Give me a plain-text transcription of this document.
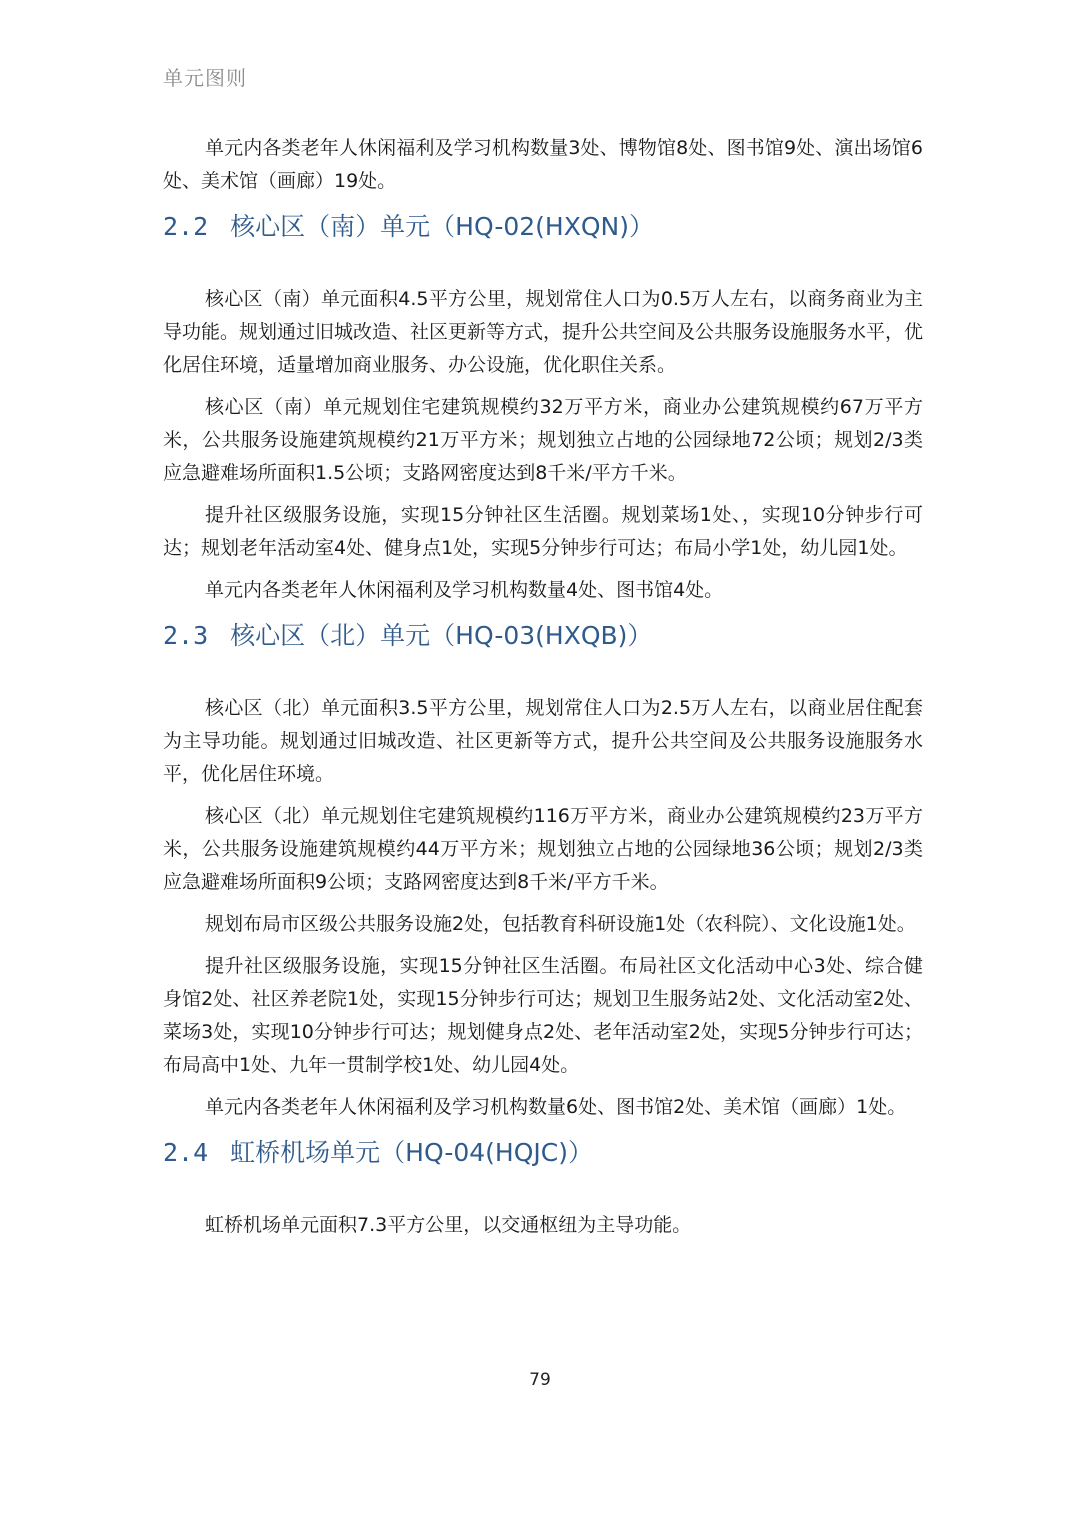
单元图则

单元内各类老年人休闲福利及学习机构数量3处、博物馆8处、图书馆9处、演出场馆6处、美术馆（画廊）19处。

2.2 核心区（南）单元（HQ-02(HXQN)）

核心区（南）单元面积4.5平方公里，规划常住人口为0.5万人左右，以商务商业为主导功能。规划通过旧城改造、社区更新等方式，提升公共空间及公共服务设施服务水平，优化居住环境，适量增加商业服务、办公设施，优化职住关系。

核心区（南）单元规划住宅建筑规模约32万平方米，商业办公建筑规模约67万平方米，公共服务设施建筑规模约21万平方米；规划独立占地的公园绿地72公顷；规划2/3类应急避难场所面积1.5公顷；支路网密度达到8千米/平方千米。

提升社区级服务设施，实现15分钟社区生活圈。规划菜场1处、，实现10分钟步行可达；规划老年活动室4处、健身点1处，实现5分钟步行可达；布局小学1处，幼儿园1处。

单元内各类老年人休闲福利及学习机构数量4处、图书馆4处。

2.3 核心区（北）单元（HQ-03(HXQB)）

核心区（北）单元面积3.5平方公里，规划常住人口为2.5万人左右，以商业居住配套为主导功能。规划通过旧城改造、社区更新等方式，提升公共空间及公共服务设施服务水平，优化居住环境。

核心区（北）单元规划住宅建筑规模约116万平方米，商业办公建筑规模约23万平方米，公共服务设施建筑规模约44万平方米；规划独立占地的公园绿地36公顷；规划2/3类应急避难场所面积9公顷；支路网密度达到8千米/平方千米。

规划布局市区级公共服务设施2处，包括教育科研设施1处（农科院）、文化设施1处。

提升社区级服务设施，实现15分钟社区生活圈。布局社区文化活动中心3处、综合健身馆2处、社区养老院1处，实现15分钟步行可达；规划卫生服务站2处、文化活动室2处、菜场3处，实现10分钟步行可达；规划健身点2处、老年活动室2处，实现5分钟步行可达；布局高中1处、九年一贯制学校1处、幼儿园4处。

单元内各类老年人休闲福利及学习机构数量6处、图书馆2处、美术馆（画廊）1处。

2.4 虹桥机场单元（HQ-04(HQJC)）

虹桥机场单元面积7.3平方公里，以交通枢纽为主导功能。

79
